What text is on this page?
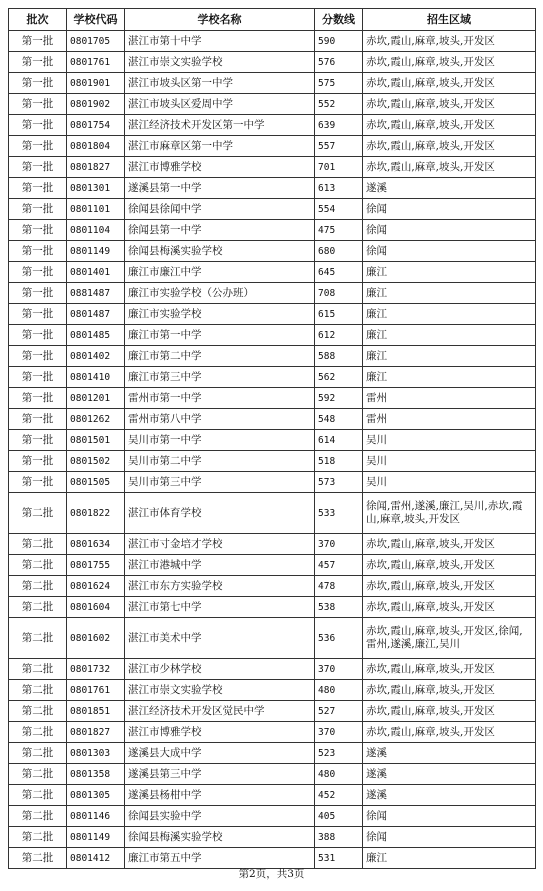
批次	学校代码	学校名称	分数线	招生区域
第一批	0801705	湛江市第十中学	590	赤坎,霞山,麻章,坡头,开发区
第一批	0801761	湛江市崇文实验学校	576	赤坎,霞山,麻章,坡头,开发区
第一批	0801901	湛江市坡头区第一中学	575	赤坎,霞山,麻章,坡头,开发区
第一批	0801902	湛江市坡头区爱周中学	552	赤坎,霞山,麻章,坡头,开发区
第一批	0801754	湛江经济技术开发区第一中学	639	赤坎,霞山,麻章,坡头,开发区
第一批	0801804	湛江市麻章区第一中学	557	赤坎,霞山,麻章,坡头,开发区
第一批	0801827	湛江市博雅学校	701	赤坎,霞山,麻章,坡头,开发区
第一批	0801301	遂溪县第一中学	613	遂溪
第一批	0801101	徐闻县徐闻中学	554	徐闻
第一批	0801104	徐闻县第一中学	475	徐闻
第一批	0801149	徐闻县梅溪实验学校	680	徐闻
第一批	0801401	廉江市廉江中学	645	廉江
第一批	0881487	廉江市实验学校（公办班）	708	廉江
第一批	0801487	廉江市实验学校	615	廉江
第一批	0801485	廉江市第一中学	612	廉江
第一批	0801402	廉江市第二中学	588	廉江
第一批	0801410	廉江市第三中学	562	廉江
第一批	0801201	雷州市第一中学	592	雷州
第一批	0801262	雷州市第八中学	548	雷州
第一批	0801501	吴川市第一中学	614	吴川
第一批	0801502	吴川市第二中学	518	吴川
第一批	0801505	吴川市第三中学	573	吴川
第二批	0801822	湛江市体育学校	533	徐闻,雷州,遂溪,廉江,吴川,赤坎,霞山,麻章,坡头,开发区
第二批	0801634	湛江市寸金培才学校	370	赤坎,霞山,麻章,坡头,开发区
第二批	0801755	湛江市港城中学	457	赤坎,霞山,麻章,坡头,开发区
第二批	0801624	湛江市东方实验学校	478	赤坎,霞山,麻章,坡头,开发区
第二批	0801604	湛江市第七中学	538	赤坎,霞山,麻章,坡头,开发区
第二批	0801602	湛江市美术中学	536	赤坎,霞山,麻章,坡头,开发区,徐闻,雷州,遂溪,廉江,吴川
第二批	0801732	湛江市少林学校	370	赤坎,霞山,麻章,坡头,开发区
第二批	0801761	湛江市崇文实验学校	480	赤坎,霞山,麻章,坡头,开发区
第二批	0801851	湛江经济技术开发区觉民中学	527	赤坎,霞山,麻章,坡头,开发区
第二批	0801827	湛江市博雅学校	370	赤坎,霞山,麻章,坡头,开发区
第二批	0801303	遂溪县大成中学	523	遂溪
第二批	0801358	遂溪县第三中学	480	遂溪
第二批	0801305	遂溪县杨柑中学	452	遂溪
第二批	0801146	徐闻县实验中学	405	徐闻
第二批	0801149	徐闻县梅溪实验学校	388	徐闻
第二批	0801412	廉江市第五中学	531	廉江
第2页，共3页
